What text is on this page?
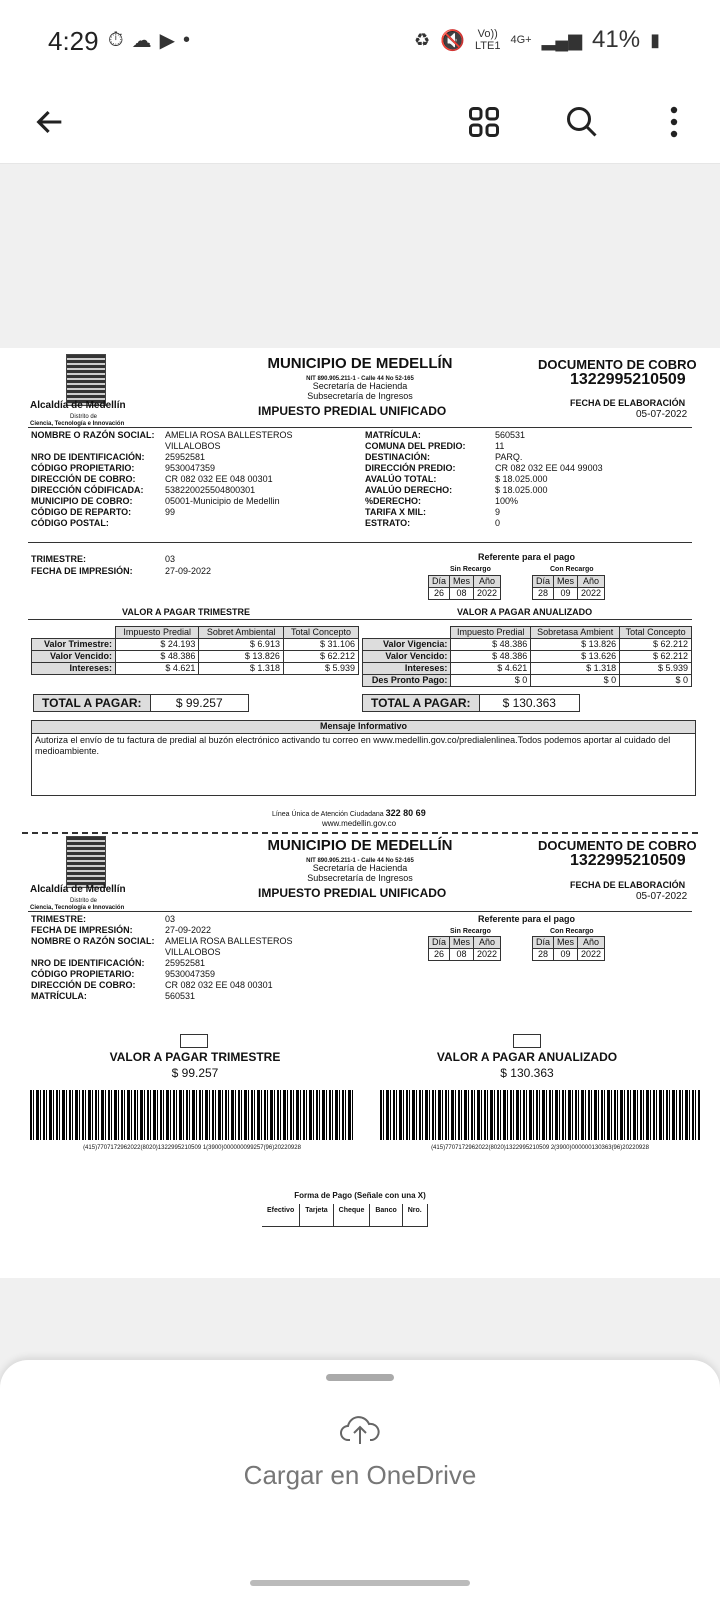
4:29 ⏱ ☁ ▶ •	♻ 🔇 Vo))
LTE1 4G+ ▂▄▆ 41% ▮
Alcaldía de Medellín
Distrito de
Ciencia, Tecnología e Innovación
MUNICIPIO DE MEDELLÍN
NIT 890.905.211-1 - Calle 44 No 52-165
Secretaría de Hacienda
Subsecretaría de Ingresos
IMPUESTO PREDIAL UNIFICADO
DOCUMENTO DE COBRO
1322995210509
FECHA DE ELABORACIÓN
05-07-2022
NOMBRE O RAZÓN SOCIAL:	AMELIA ROSA BALLESTEROS
VILLALOBOS
NRO DE IDENTIFICACIÓN:	25952581
CÓDIGO PROPIETARIO:	9530047359
DIRECCIÓN DE COBRO:	CR 082 032 EE 048 00301
DIRECCIÓN CÓDIFICADA:	538220025504800301
MUNICIPIO DE COBRO:	05001-Municipio de Medellin
CÓDIGO DE REPARTO:	99
CÓDIGO POSTAL:
MATRÍCULA:	560531
COMUNA DEL PREDIO:	11
DESTINACIÓN:	PARQ.
DIRECCIÓN PREDIO:	CR 082 032 EE 044 99003
AVALÚO TOTAL:	$ 18.025.000
AVALÚO DERECHO:	$ 18.025.000
%DERECHO:	100%
TARIFA X MIL:	9
ESTRATO:	0
TRIMESTRE:	03
FECHA DE IMPRESIÓN:	27-09-2022
Referente para el pago
Sin Recargo	Con Recargo
Día	Mes	Año
26	08	2022
Día	Mes	Año
28	09	2022
VALOR A PAGAR TRIMESTRE	VALOR A PAGAR ANUALIZADO
	Impuesto Predial	Sobret Ambiental	Total Concepto
Valor Trimestre:	$ 24.193	$ 6.913	$ 31.106
Valor Vencido:	$ 48.386	$ 13.826	$ 62.212
Intereses:	$ 4.621	$ 1.318	$ 5.939
	Impuesto Predial	Sobretasa Ambient	Total Concepto
Valor Vigencia:	$ 48.386	$ 13.826	$ 62.212
Valor Vencido:	$ 48.386	$ 13.626	$ 62.212
Intereses:	$ 4.621	$ 1.318	$ 5.939
Des Pronto Pago:	$ 0	$ 0	$ 0
TOTAL A PAGAR:	$ 99.257	TOTAL A PAGAR:	$ 130.363
Mensaje Informativo
Autoriza el envío de tu factura de predial al buzón electrónico activando tu correo en www.medellin.gov.co/predialenlinea.Todos podemos aportar al cuidado del medioambiente.
Línea Única de Atención Ciudadana 322 80 69
www.medellin.gov.co
Alcaldía de Medellín
Distrito de
Ciencia, Tecnología e Innovación
MUNICIPIO DE MEDELLÍN
NIT 890.905.211-1 - Calle 44 No 52-165
Secretaría de Hacienda
Subsecretaría de Ingresos
IMPUESTO PREDIAL UNIFICADO
DOCUMENTO DE COBRO
1322995210509
FECHA DE ELABORACIÓN
05-07-2022
TRIMESTRE:	03
FECHA DE IMPRESIÓN:	27-09-2022
NOMBRE O RAZÓN SOCIAL:	AMELIA ROSA BALLESTEROS
VILLALOBOS
NRO DE IDENTIFICACIÓN:	25952581
CÓDIGO PROPIETARIO:	9530047359
DIRECCIÓN DE COBRO:	CR 082 032 EE 048 00301
MATRÍCULA:	560531
Referente para el pago
Sin Recargo	Con Recargo
Día	Mes	Año
26	08	2022
Día	Mes	Año
28	09	2022
VALOR A PAGAR TRIMESTRE	VALOR A PAGAR ANUALIZADO
$ 99.257	$ 130.363
(415)7707172962022(8020)1322995210509 1(3900)000000099257(96)20220928	(415)7707172962022(8020)1322995210509 2(3900)000000130363(96)20220928
Forma de Pago (Señale con una X)
Efectivo	Tarjeta	Cheque	Banco	Nro.
Cargar en OneDrive
